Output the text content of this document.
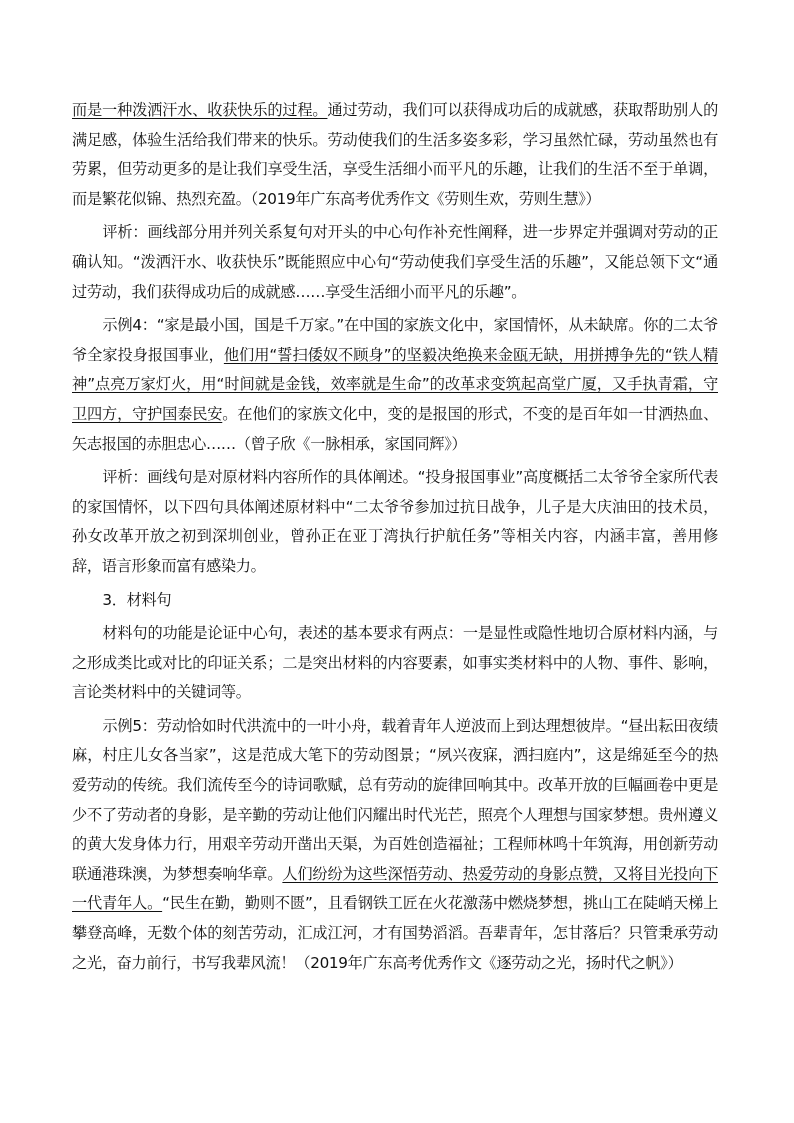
而是一种泼洒汗水、收获快乐的过程。通过劳动，我们可以获得成功后的成就感，获取帮助别人的满足感，体验生活给我们带来的快乐。劳动使我们的生活多姿多彩，学习虽然忙碌，劳动虽然也有劳累，但劳动更多的是让我们享受生活，享受生活细小而平凡的乐趣，让我们的生活不至于单调，而是繁花似锦、热烈充盈。（2019年广东高考优秀作文《劳则生欢，劳则生慧》）

评析：画线部分用并列关系复句对开头的中心句作补充性阐释，进一步界定并强调对劳动的正确认知。“泼洒汗水、收获快乐”既能照应中心句“劳动使我们享受生活的乐趣”，又能总领下文“通过劳动，我们获得成功后的成就感……享受生活细小而平凡的乐趣”。

示例4：“家是最小国，国是千万家。”在中国的家族文化中，家国情怀，从未缺席。你的二太爷爷全家投身报国事业，他们用“誓扫倭奴不顾身”的坚毅决绝换来金瓯无缺，用拼搏争先的“铁人精神”点亮万家灯火，用“时间就是金钱，效率就是生命”的改革求变筑起高堂广厦，又手执青霜，守卫四方，守护国泰民安。在他们的家族文化中，变的是报国的形式，不变的是百年如一甘洒热血、矢志报国的赤胆忠心……（曾子欣《一脉相承，家国同辉》）

评析：画线句是对原材料内容所作的具体阐述。“投身报国事业”高度概括二太爷爷全家所代表的家国情怀，以下四句具体阐述原材料中“二太爷爷参加过抗日战争，儿子是大庆油田的技术员，孙女改革开放之初到深圳创业，曾孙正在亚丁湾执行护航任务”等相关内容，内涵丰富，善用修辞，语言形象而富有感染力。

3．材料句

材料句的功能是论证中心句，表述的基本要求有两点：一是显性或隐性地切合原材料内涵，与之形成类比或对比的印证关系；二是突出材料的内容要素，如事实类材料中的人物、事件、影响，言论类材料中的关键词等。

示例5：劳动恰如时代洪流中的一叶小舟，载着青年人逆波而上到达理想彼岸。“昼出耘田夜绩麻，村庄儿女各当家”，这是范成大笔下的劳动图景；“夙兴夜寐，洒扫庭内”，这是绵延至今的热爱劳动的传统。我们流传至今的诗词歌赋，总有劳动的旋律回响其中。改革开放的巨幅画卷中更是少不了劳动者的身影，是辛勤的劳动让他们闪耀出时代光芒，照亮个人理想与国家梦想。贵州遵义的黄大发身体力行，用艰辛劳动开凿出天渠，为百姓创造福祉；工程师林鸣十年筑海，用创新劳动联通港珠澳，为梦想奏响华章。人们纷纷为这些深悟劳动、热爱劳动的身影点赞，又将目光投向下一代青年人。“民生在勤，勤则不匮”，且看钢铁工匠在火花激荡中燃烧梦想，挑山工在陡峭天梯上攀登高峰，无数个体的刻苦劳动，汇成江河，才有国势滔滔。吾辈青年，怎甘落后？只管秉承劳动之光，奋力前行，书写我辈风流！（2019年广东高考优秀作文《逐劳动之光，扬时代之帆》）
